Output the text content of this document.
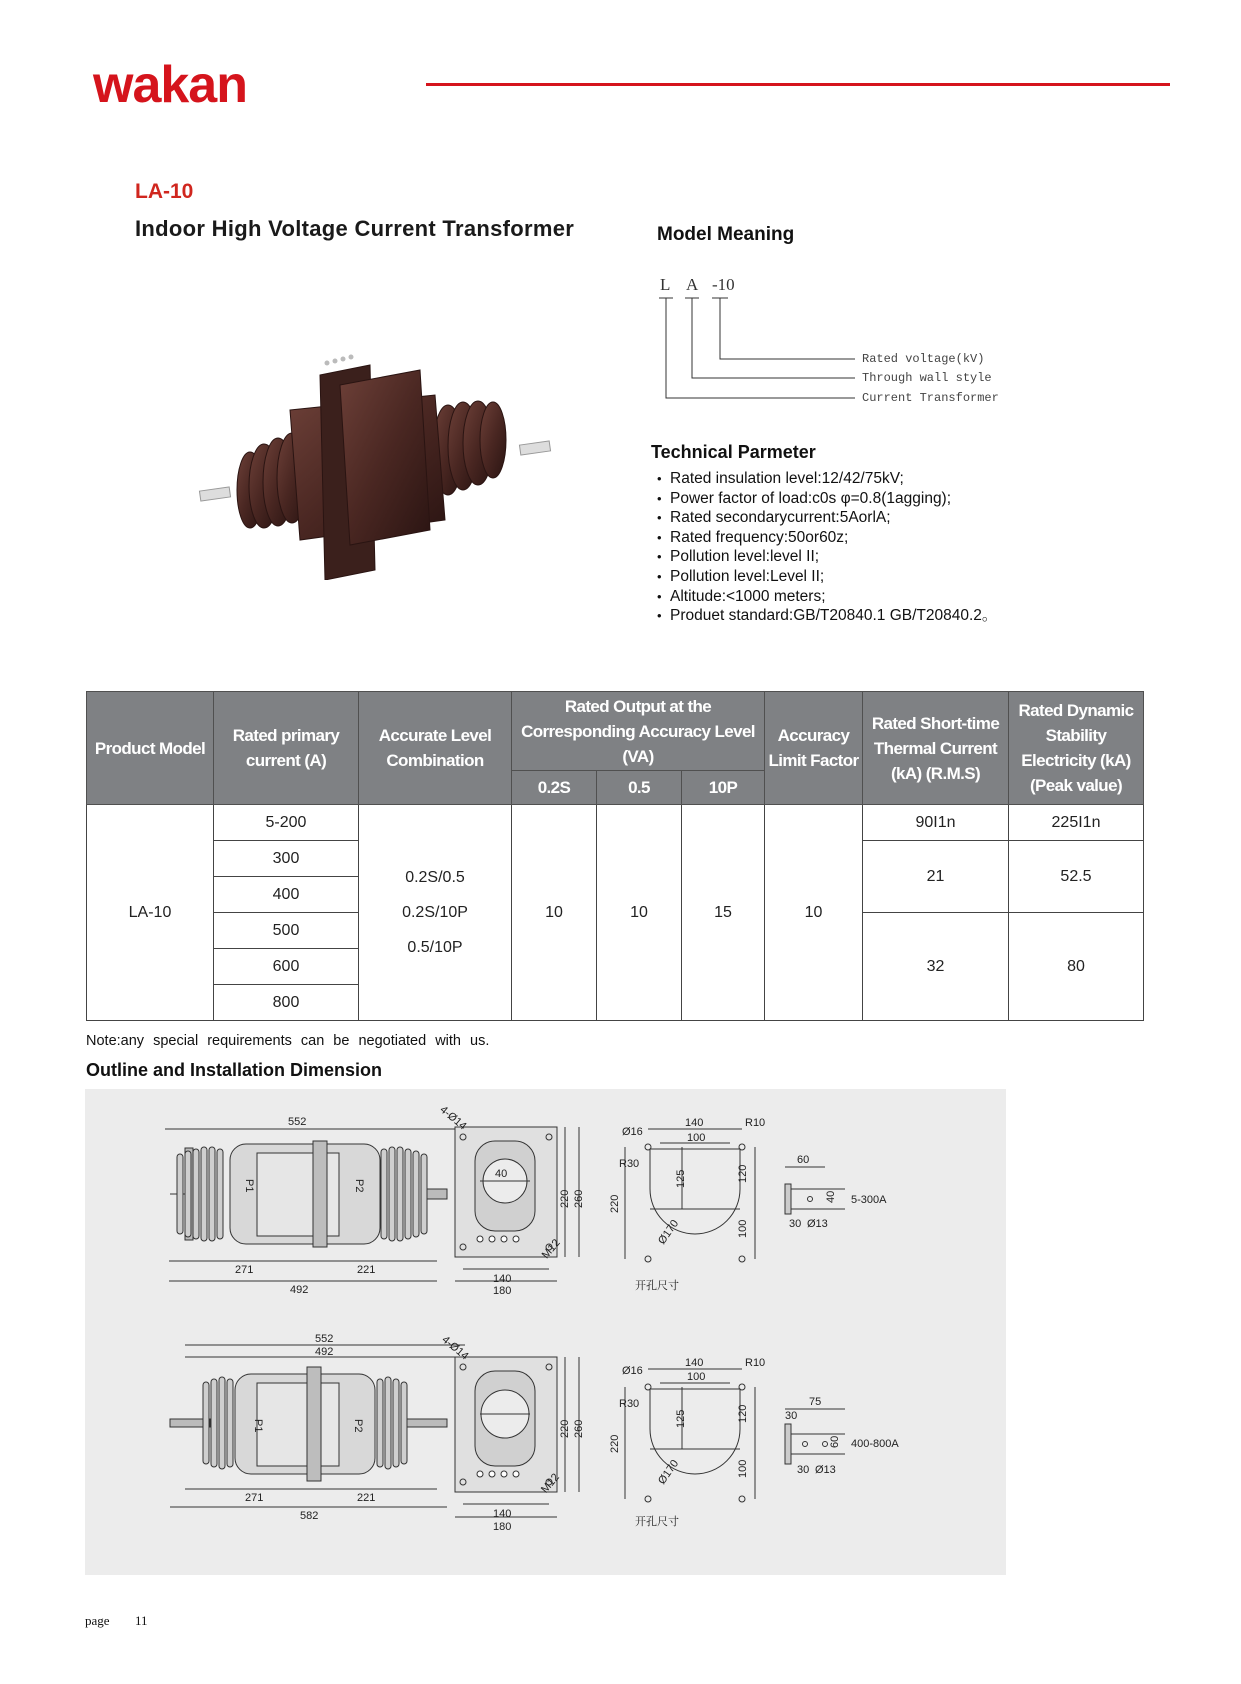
wakan
LA-10
Indoor High Voltage Current Transformer	Model Meaning
L A -10
Rated voltage(kV)
Through wall style
Current Transformer
Technical Parmeter
• Rated insulation level:12/42/75kV;
• Power factor of load:c0s φ=0.8(1agging);
• Rated secondarycurrent:5AorlA;
• Rated frequency:50or60z;
• Pollution level:level II;
• Pollution level:Level II;
• Altitude:<1000 meters;
• Produet standard:GB/T20840.1 GB/T20840.2。
Product Model	Rated primary current (A)	Accurate Level Combination	Rated Output at the Corresponding Accuracy Level (VA)			Accuracy Limit Factor	Rated Short-time Thermal Current (kA) (R.M.S)	Rated Dynamic Stability Electricity (kA) (Peak value)
			0.2S	0.5	10P			
LA-10	5-200	0.2S/0.5
0.2S/10P
0.5/10P	10	10	15	10	90I1n	225I1n
	300						21	52.5
	400							
	500						32	80
	600							
	800							
Note:any special requirements can be negotiated with us.
Outline and Installation Dimension
552
P1	P2
271	221
492
4-Ø14
40
M12
140
180
220 260
140
100
R10
Ø16
R30
125
220
120
100
Ø170
开孔尺寸
60
40
30 Ø13
5-300A
552
492
P1	P2
271	221
582
4-Ø14
M12
140
180
220 260
140
100
R10
Ø16
R30
125
220
120
100
Ø170
开孔尺寸
75
30
60
30 Ø13
400-800A
page 11
